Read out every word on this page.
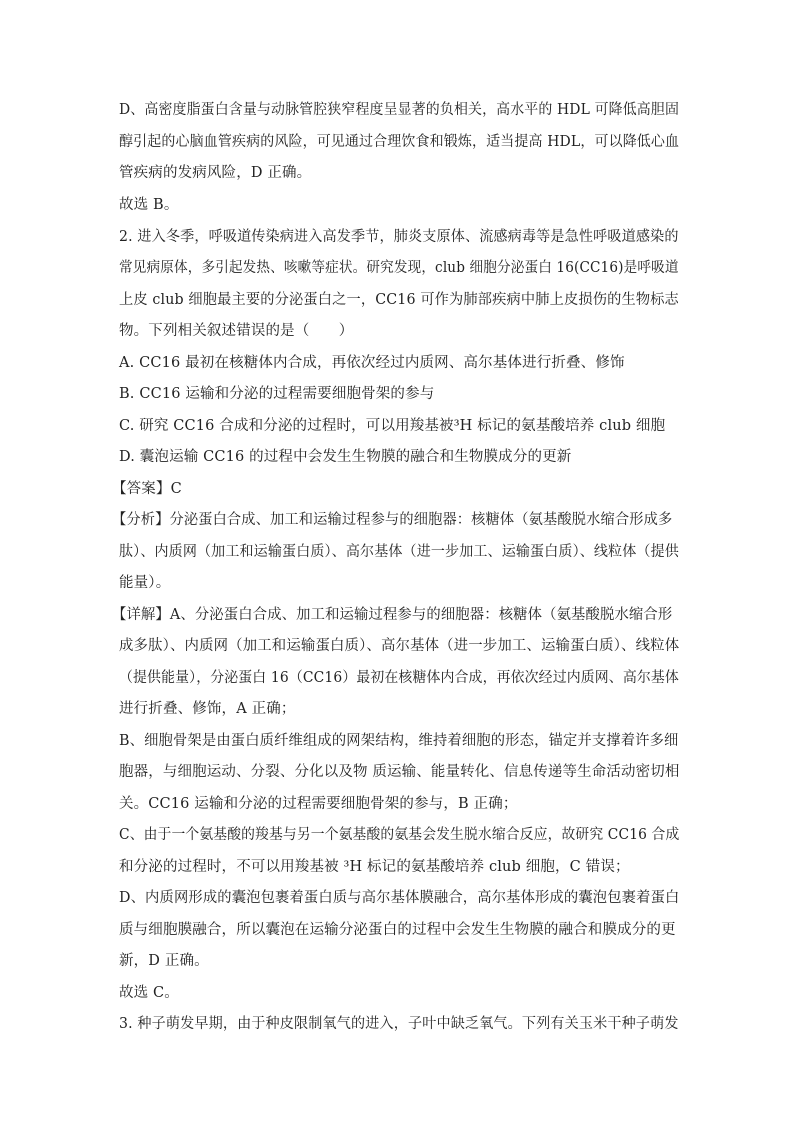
D、高密度脂蛋白含量与动脉管腔狭窄程度呈显著的负相关，高水平的 HDL 可降低高胆固
醇引起的心脑血管疾病的风险，可见通过合理饮食和锻炼，适当提高 HDL，可以降低心血
管疾病的发病风险，D 正确。
故选 B。
2. 进入冬季，呼吸道传染病进入高发季节，肺炎支原体、流感病毒等是急性呼吸道感染的
常见病原体，多引起发热、咳嗽等症状。研究发现，club 细胞分泌蛋白 16(CC16)是呼吸道
上皮 club 细胞最主要的分泌蛋白之一，CC16 可作为肺部疾病中肺上皮损伤的生物标志
物。下列相关叙述错误的是（　　）
A. CC16 最初在核糖体内合成，再依次经过内质网、高尔基体进行折叠、修饰
B. CC16 运输和分泌的过程需要细胞骨架的参与
C. 研究 CC16 合成和分泌的过程时，可以用羧基被³H 标记的氨基酸培养 club 细胞
D. 囊泡运输 CC16 的过程中会发生生物膜的融合和生物膜成分的更新
【答案】C
【分析】分泌蛋白合成、加工和运输过程参与的细胞器：核糖体（氨基酸脱水缩合形成多
肽）、内质网（加工和运输蛋白质）、高尔基体（进一步加工、运输蛋白质）、线粒体（提供
能量）。
【详解】A、分泌蛋白合成、加工和运输过程参与的细胞器：核糖体（氨基酸脱水缩合形
成多肽）、内质网（加工和运输蛋白质）、高尔基体（进一步加工、运输蛋白质）、线粒体
（提供能量），分泌蛋白 16（CC16）最初在核糖体内合成，再依次经过内质网、高尔基体
进行折叠、修饰，A 正确；
B、细胞骨架是由蛋白质纤维组成的网架结构，维持着细胞的形态，锚定并支撑着许多细
胞器，与细胞运动、分裂、分化以及物 质运输、能量转化、信息传递等生命活动密切相
关。CC16 运输和分泌的过程需要细胞骨架的参与，B 正确；
C、由于一个氨基酸的羧基与另一个氨基酸的氨基会发生脱水缩合反应，故研究 CC16 合成
和分泌的过程时，不可以用羧基被 ³H 标记的氨基酸培养 club 细胞，C 错误；
D、内质网形成的囊泡包裹着蛋白质与高尔基体膜融合，高尔基体形成的囊泡包裹着蛋白
质与细胞膜融合，所以囊泡在运输分泌蛋白的过程中会发生生物膜的融合和膜成分的更
新，D 正确。
故选 C。
3. 种子萌发早期，由于种皮限制氧气的进入，子叶中缺乏氧气。下列有关玉米干种子萌发
